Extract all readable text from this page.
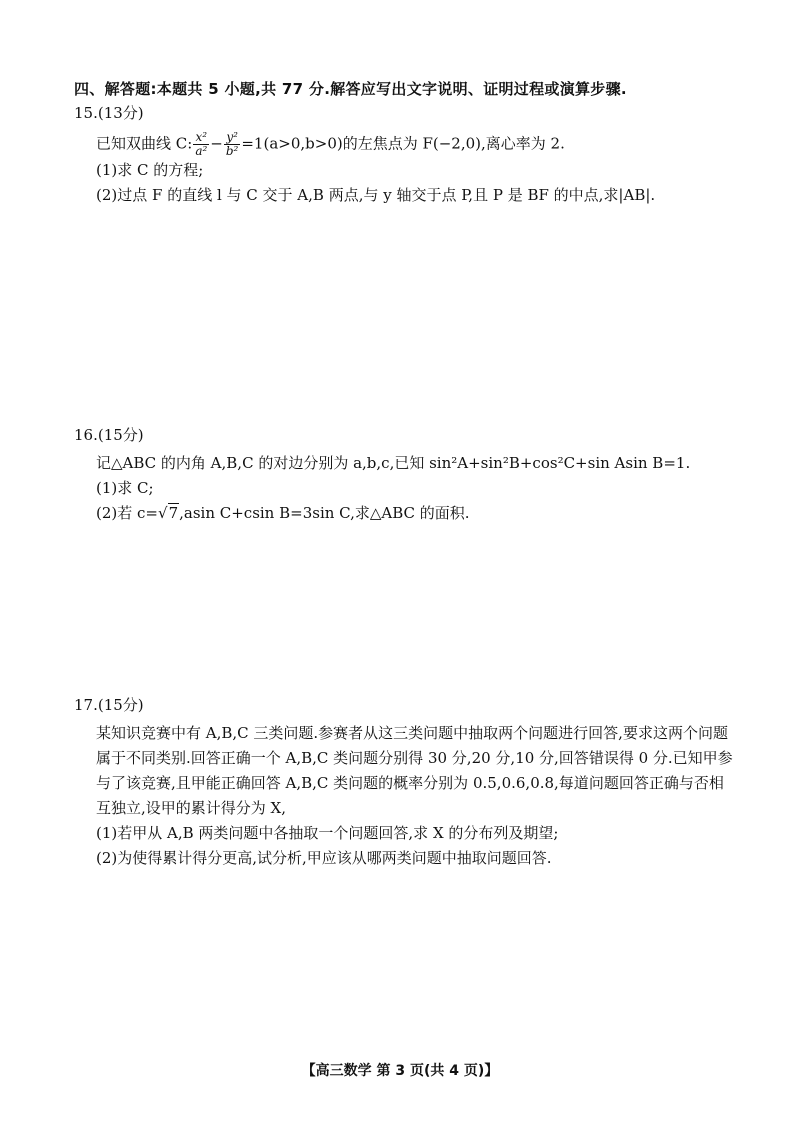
四、解答题:本题共 5 小题,共 77 分.解答应写出文字说明、证明过程或演算步骤.
15.(13分)
已知双曲线 C: $\frac{\text{x²}}{\text{a²}} - \frac{\text{y²}}{\text{b²}} =1(a>0,b>0)$的左焦点为 F(−2,0),离心率为 2.
(1)求 C 的方程;
(2)过点 F 的直线 l 与 C 交于 A,B 两点,与 y 轴交于点 P,且 P 是 BF 的中点,求|AB|.
16.(15分)
记△ABC 的内角 A,B,C 的对边分别为 a,b,c,已知 sin²A+sin²B+cos²C+sin Asin B=1.
(1)求 C;
(2)若 c=√7,asin C+csin B=3sin C,求△ABC 的面积.
17.(15分)
某知识竞赛中有 A,B,C 三类问题.参赛者从这三类问题中抽取两个问题进行回答,要求这两个问题属于不同类别.回答正确一个 A,B,C 类问题分别得 30 分,20 分,10 分,回答错误得 0 分.已知甲参与了该竞赛,且甲能正确回答 A,B,C 类问题的概率分别为 0.5,0.6,0.8,每道问题回答正确与否相互独立,设甲的累计得分为 X,
(1)若甲从 A,B 两类问题中各抽取一个问题回答,求 X 的分布列及期望;
(2)为使得累计得分更高,试分析,甲应该从哪两类问题中抽取问题回答.
【高三数学 第 3 页(共 4 页)】
